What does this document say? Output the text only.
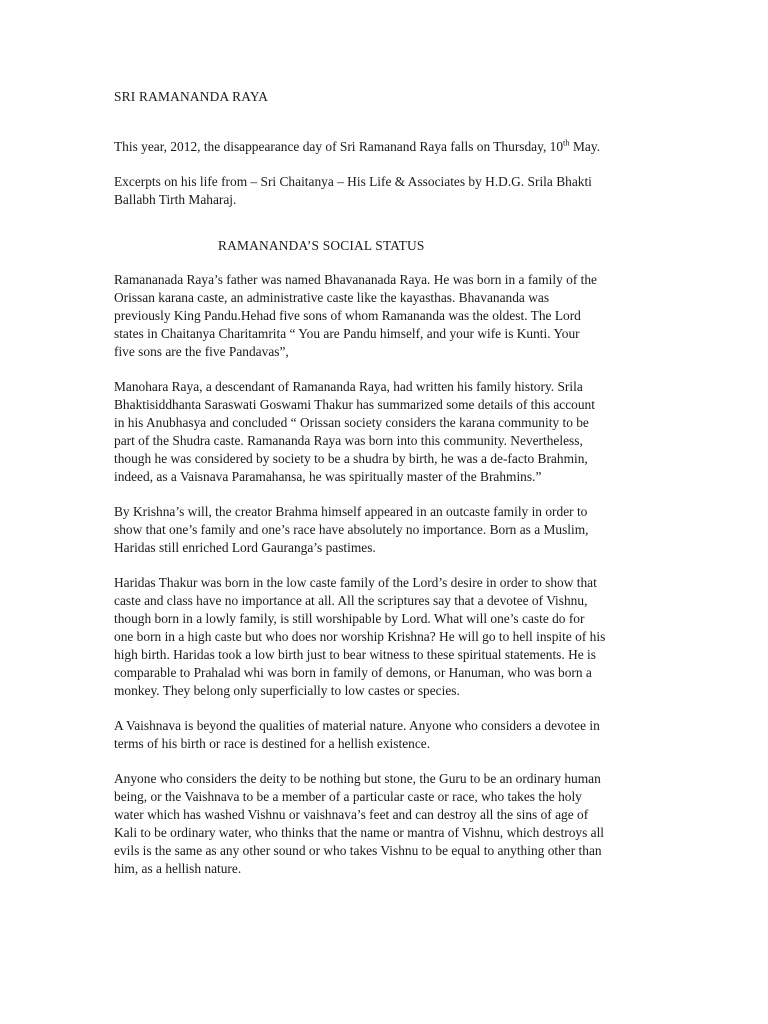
SRI RAMANANDA RAYA

This year, 2012, the disappearance day of Sri Ramanand Raya falls on Thursday, 10th May.

Excerpts on his life from – Sri Chaitanya – His Life & Associates by H.D.G. Srila Bhakti
Ballabh Tirth Maharaj.

RAMANANDA’S SOCIAL STATUS

Ramananada Raya’s father was named Bhavananada Raya. He was born in a family of the
Orissan karana caste, an administrative caste like the kayasthas. Bhavananda was
previously King Pandu.Hehad five sons of whom Ramananda was the oldest. The Lord
states in Chaitanya Charitamrita “ You are Pandu himself, and your wife is Kunti. Your
five sons are the five Pandavas”,

Manohara Raya, a descendant of Ramananda Raya, had written his family history. Srila
Bhaktisiddhanta Saraswati Goswami Thakur has summarized some details of this account
in his Anubhasya and concluded “ Orissan society considers the karana community to be
part of the Shudra caste. Ramananda Raya was born into this community. Nevertheless,
though he was considered by society to be a shudra by birth, he was a de-facto Brahmin,
indeed, as a Vaisnava Paramahansa, he was spiritually master of the Brahmins.”

By Krishna’s will, the creator Brahma himself appeared in an outcaste family in order to
show that one’s family and one’s race have absolutely no importance. Born as a Muslim,
Haridas still enriched Lord Gauranga’s pastimes.

Haridas Thakur was born in the low caste family of the Lord’s desire in order to show that
caste and class have no importance at all. All the scriptures say that a devotee of Vishnu,
though born in a lowly family, is still worshipable by Lord. What will one’s caste do for
one born in a high caste but who does nor worship Krishna? He will go to hell inspite of his
high birth. Haridas took a low birth just to bear witness to these spiritual statements. He is
comparable to Prahalad whi was born in family of demons, or Hanuman, who was born a
monkey. They belong only superficially to low castes or species.

A Vaishnava is beyond the qualities of material nature. Anyone who considers a devotee in
terms of his birth or race is destined for a hellish existence.

Anyone who considers the deity to be nothing but stone, the Guru to be an ordinary human
being, or the Vaishnava to be a member of a particular caste or race, who takes the holy
water which has washed Vishnu or vaishnava’s feet and can destroy all the sins of age of
Kali to be ordinary water, who thinks that the name or mantra of Vishnu, which destroys all
evils is the same as any other sound or who takes Vishnu to be equal to anything other than
him, as a hellish nature.
